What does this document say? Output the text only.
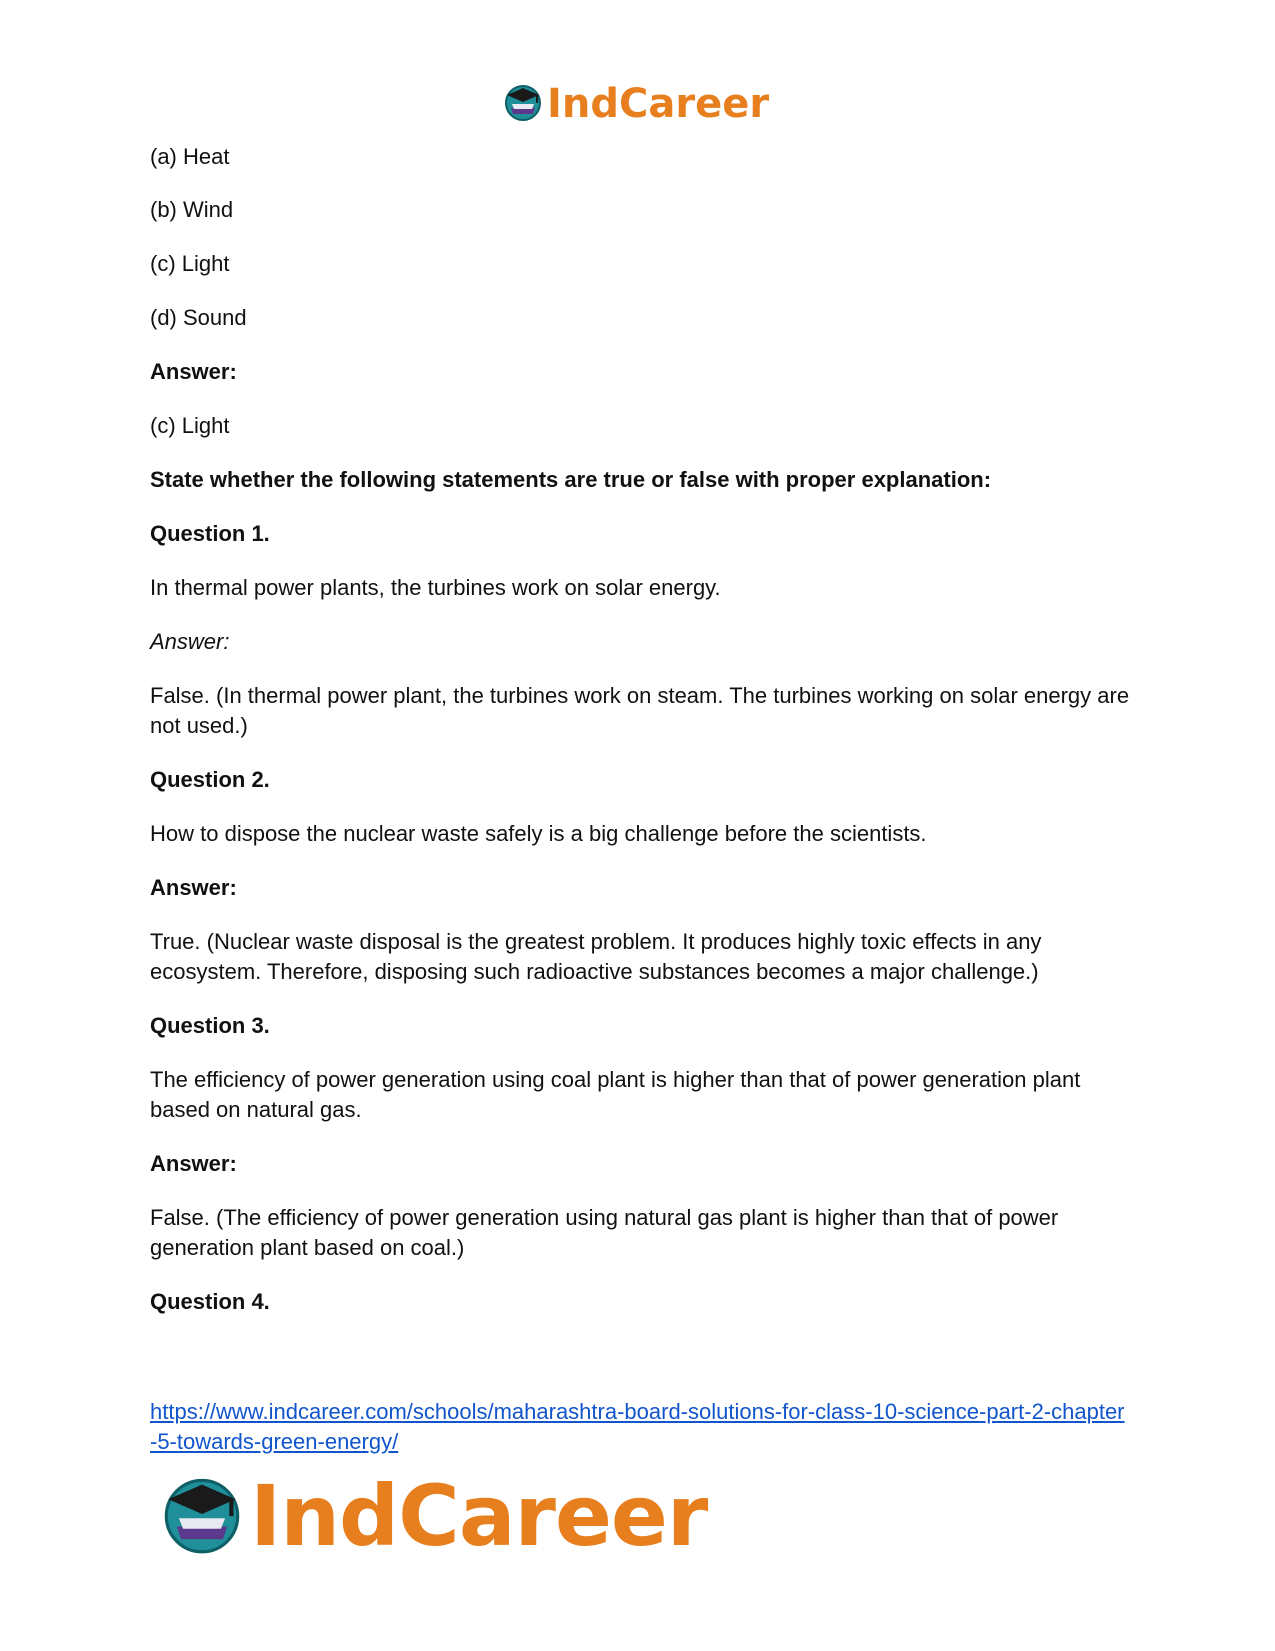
IndCareer

(a) Heat

(b) Wind

(c) Light

(d) Sound

Answer:

(c) Light

State whether the following statements are true or false with proper explanation:

Question 1.

In thermal power plants, the turbines work on solar energy.

Answer:

False. (In thermal power plant, the turbines work on steam. The turbines working on solar energy are not used.)

Question 2.

How to dispose the nuclear waste safely is a big challenge before the scientists.

Answer:

True. (Nuclear waste disposal is the greatest problem. It produces highly toxic effects in any ecosystem. Therefore, disposing such radioactive substances becomes a major challenge.)

Question 3.

The efficiency of power generation using coal plant is higher than that of power generation plant based on natural gas.

Answer:

False. (The efficiency of power generation using natural gas plant is higher than that of power generation plant based on coal.)

Question 4.

https://www.indcareer.com/schools/maharashtra-board-solutions-for-class-10-science-part-2-chapter-5-towards-green-energy/
IndCareer
